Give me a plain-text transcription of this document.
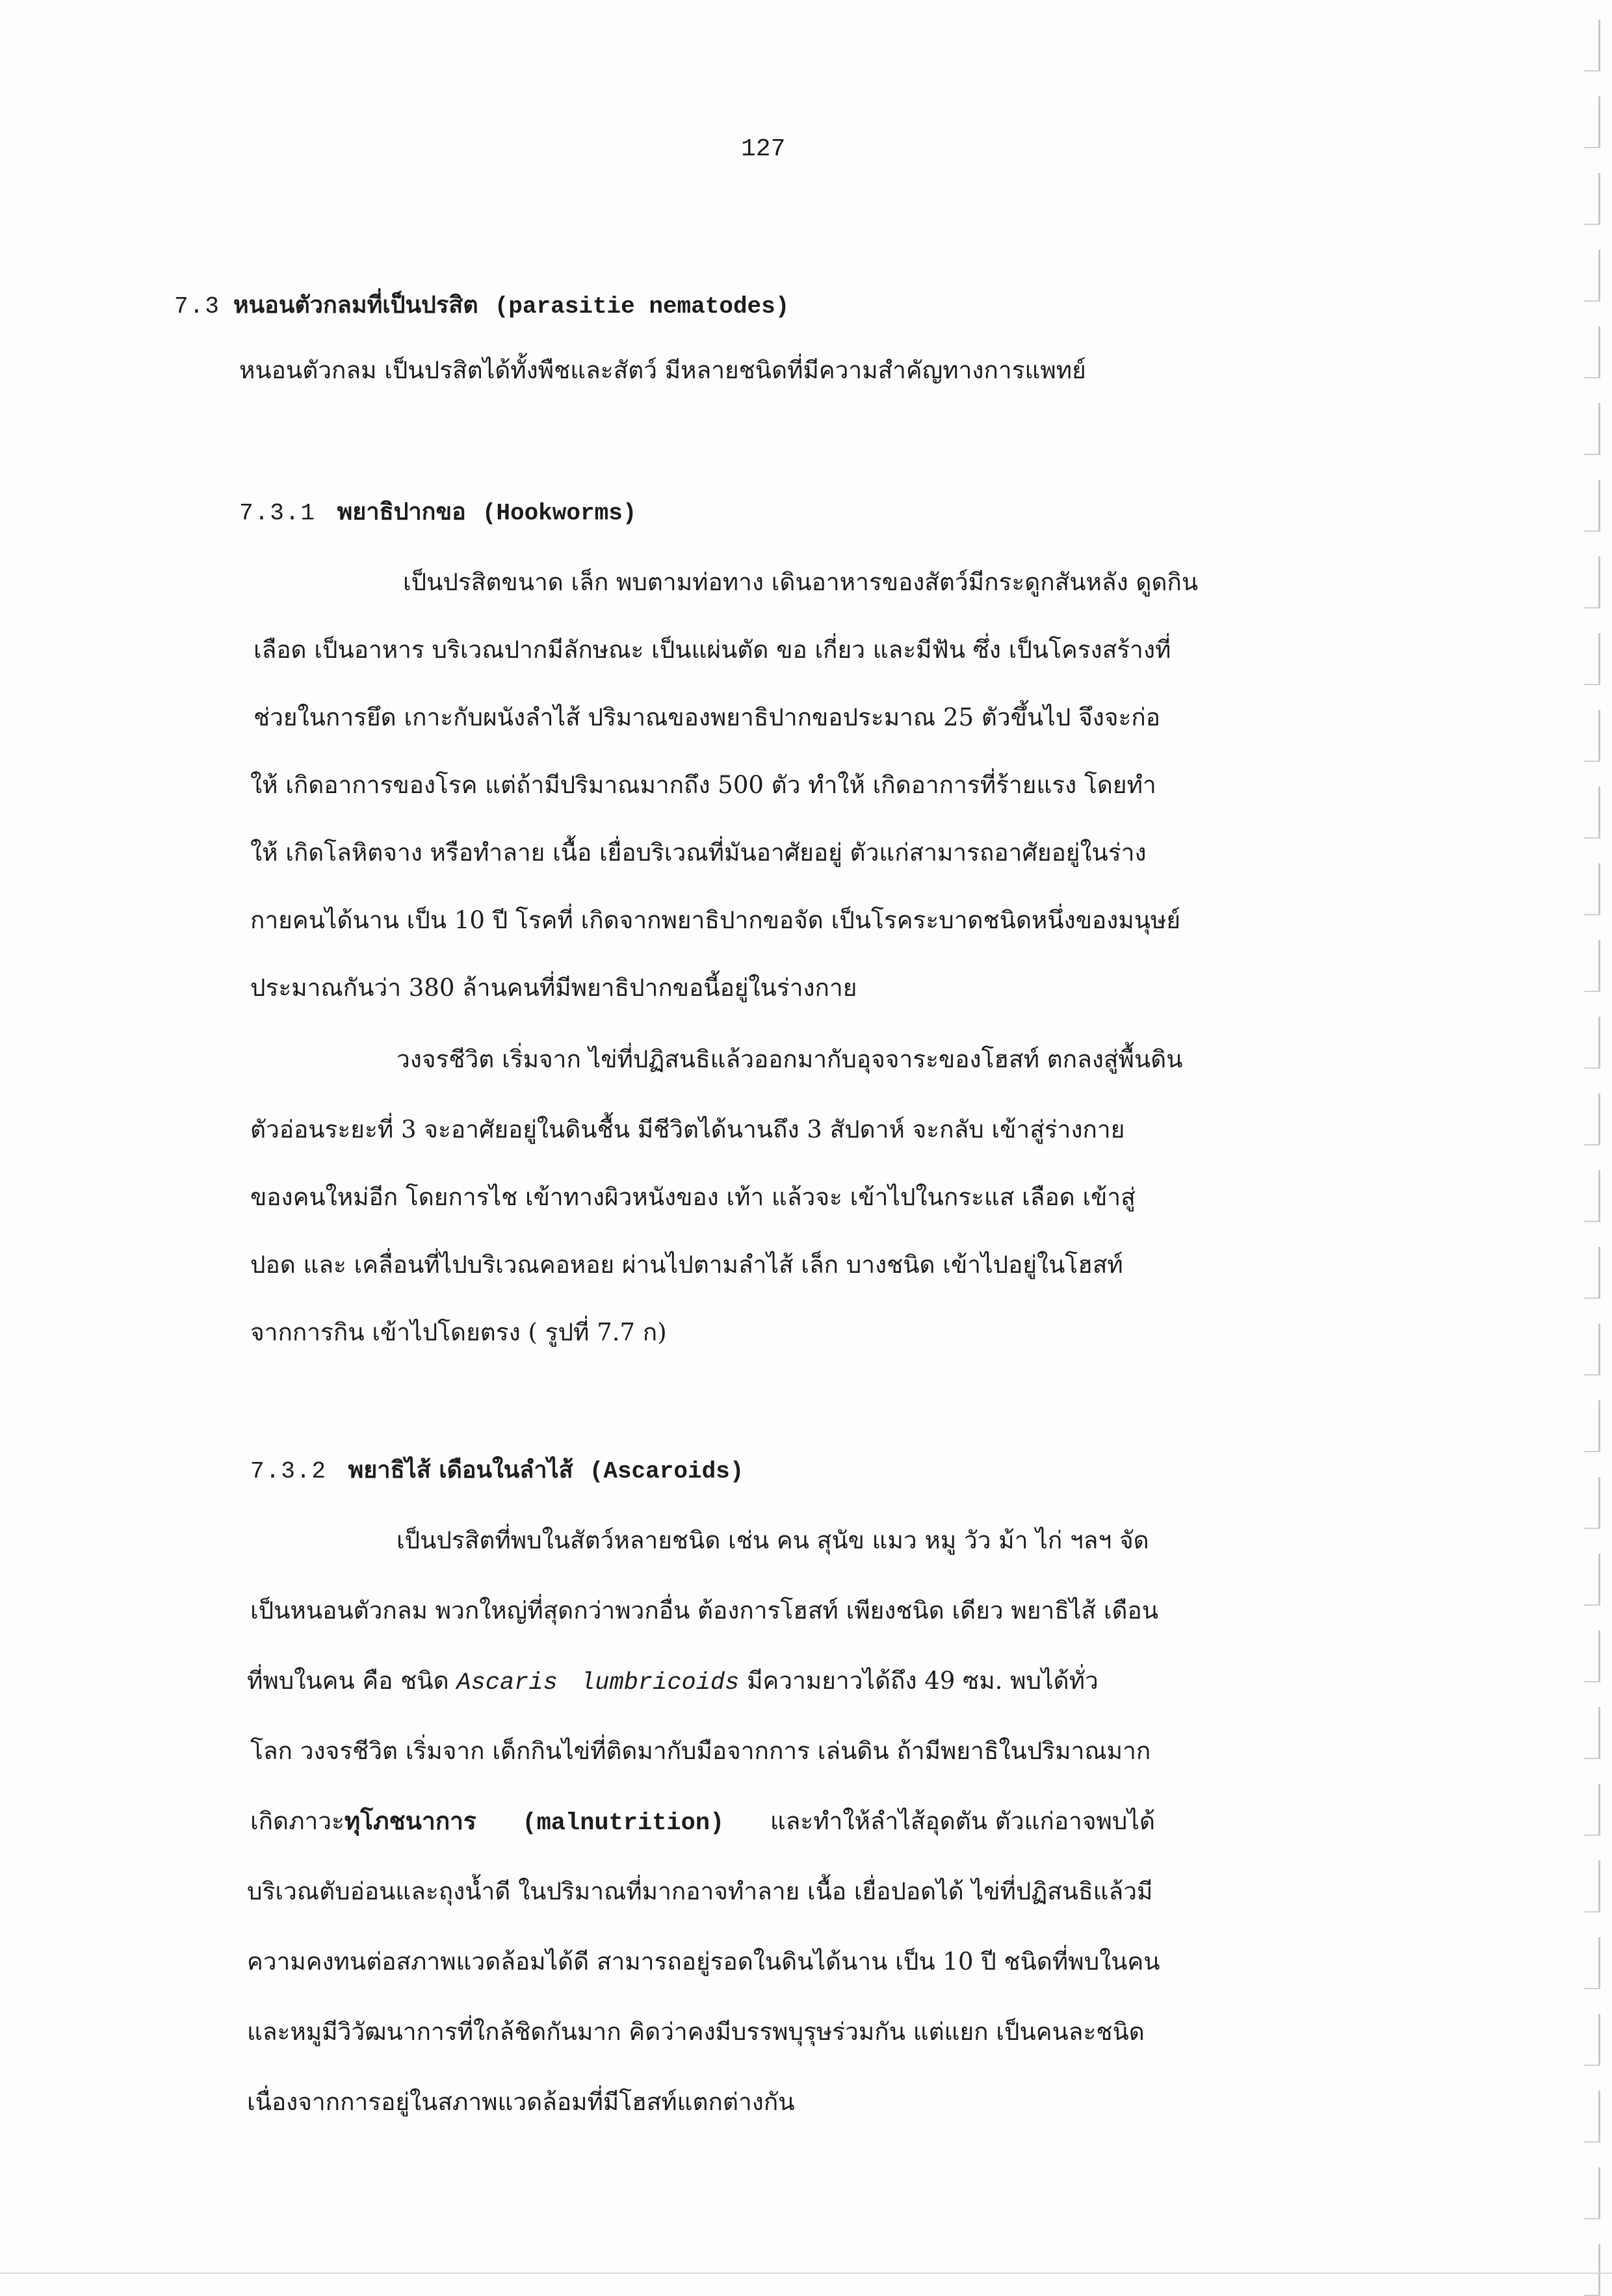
127
7.3 หนอนตัวกลมที่เป็นปรสิต (parasitie nematodes)
หนอนตัวกลม เป็นปรสิตได้ทั้งพืชและสัตว์ มีหลายชนิดที่มีความสำคัญทางการแพทย์
7.3.1 พยาธิปากขอ (Hookworms)
เป็นปรสิตขนาด เล็ก พบตามท่อทาง เดินอาหารของสัตว์มีกระดูกสันหลัง ดูดกิน
เลือด เป็นอาหาร บริเวณปากมีลักษณะ เป็นแผ่นตัด ขอ เกี่ยว และมีฟัน ซึ่ง เป็นโครงสร้างที่
ช่วยในการยึด เกาะกับผนังลำไส้ ปริมาณของพยาธิปากขอประมาณ 25 ตัวขึ้นไป จึงจะก่อ
ให้ เกิดอาการของโรค แต่ถ้ามีปริมาณมากถึง 500 ตัว ทำให้ เกิดอาการที่ร้ายแรง โดยทำ
ให้ เกิดโลหิตจาง หรือทำลาย เนื้อ เยื่อบริเวณที่มันอาศัยอยู่ ตัวแก่สามารถอาศัยอยู่ในร่าง
กายคนได้นาน เป็น 10 ปี โรคที่ เกิดจากพยาธิปากขอจัด เป็นโรคระบาดชนิดหนึ่งของมนุษย์
ประมาณกันว่า 380 ล้านคนที่มีพยาธิปากขอนี้อยู่ในร่างกาย
วงจรชีวิต เริ่มจาก ไข่ที่ปฏิสนธิแล้วออกมากับอุจจาระของโฮสท์ ตกลงสู่พื้นดิน
ตัวอ่อนระยะที่ 3 จะอาศัยอยู่ในดินชื้น มีชีวิตได้นานถึง 3 สัปดาห์ จะกลับ เข้าสู่ร่างกาย
ของคนใหม่อีก โดยการไช เข้าทางผิวหนังของ เท้า แล้วจะ เข้าไปในกระแส เลือด เข้าสู่
ปอด และ เคลื่อนที่ไปบริเวณคอหอย ผ่านไปตามลำไส้ เล็ก บางชนิด เข้าไปอยู่ในโฮสท์
จากการกิน เข้าไปโดยตรง ( รูปที่ 7.7 ก)
7.3.2 พยาธิไส้ เดือนในลำไส้ (Ascaroids)
เป็นปรสิตที่พบในสัตว์หลายชนิด เช่น คน สุนัข แมว หมู วัว ม้า ไก่ ฯลฯ จัด
เป็นหนอนตัวกลม พวกใหญ่ที่สุดกว่าพวกอื่น ต้องการโฮสท์ เพียงชนิด เดียว พยาธิไส้ เดือน
ที่พบในคน คือ ชนิด Ascaris lumbricoids มีความยาวได้ถึง 49 ซม. พบได้ทั่ว
โลก วงจรชีวิต เริ่มจาก เด็กกินไข่ที่ติดมากับมือจากการ เล่นดิน ถ้ามีพยาธิในปริมาณมาก
เกิดภาวะทุโภชนาการ (malnutrition) และทำให้ลำไส้อุดตัน ตัวแก่อาจพบได้
บริเวณตับอ่อนและถุงน้ำดี ในปริมาณที่มากอาจทำลาย เนื้อ เยื่อปอดได้ ไข่ที่ปฏิสนธิแล้วมี
ความคงทนต่อสภาพแวดล้อมได้ดี สามารถอยู่รอดในดินได้นาน เป็น 10 ปี ชนิดที่พบในคน
และหมูมีวิวัฒนาการที่ใกล้ชิดกันมาก คิดว่าคงมีบรรพบุรุษร่วมกัน แต่แยก เป็นคนละชนิด
เนื่องจากการอยู่ในสภาพแวดล้อมที่มีโฮสท์แตกต่างกัน
